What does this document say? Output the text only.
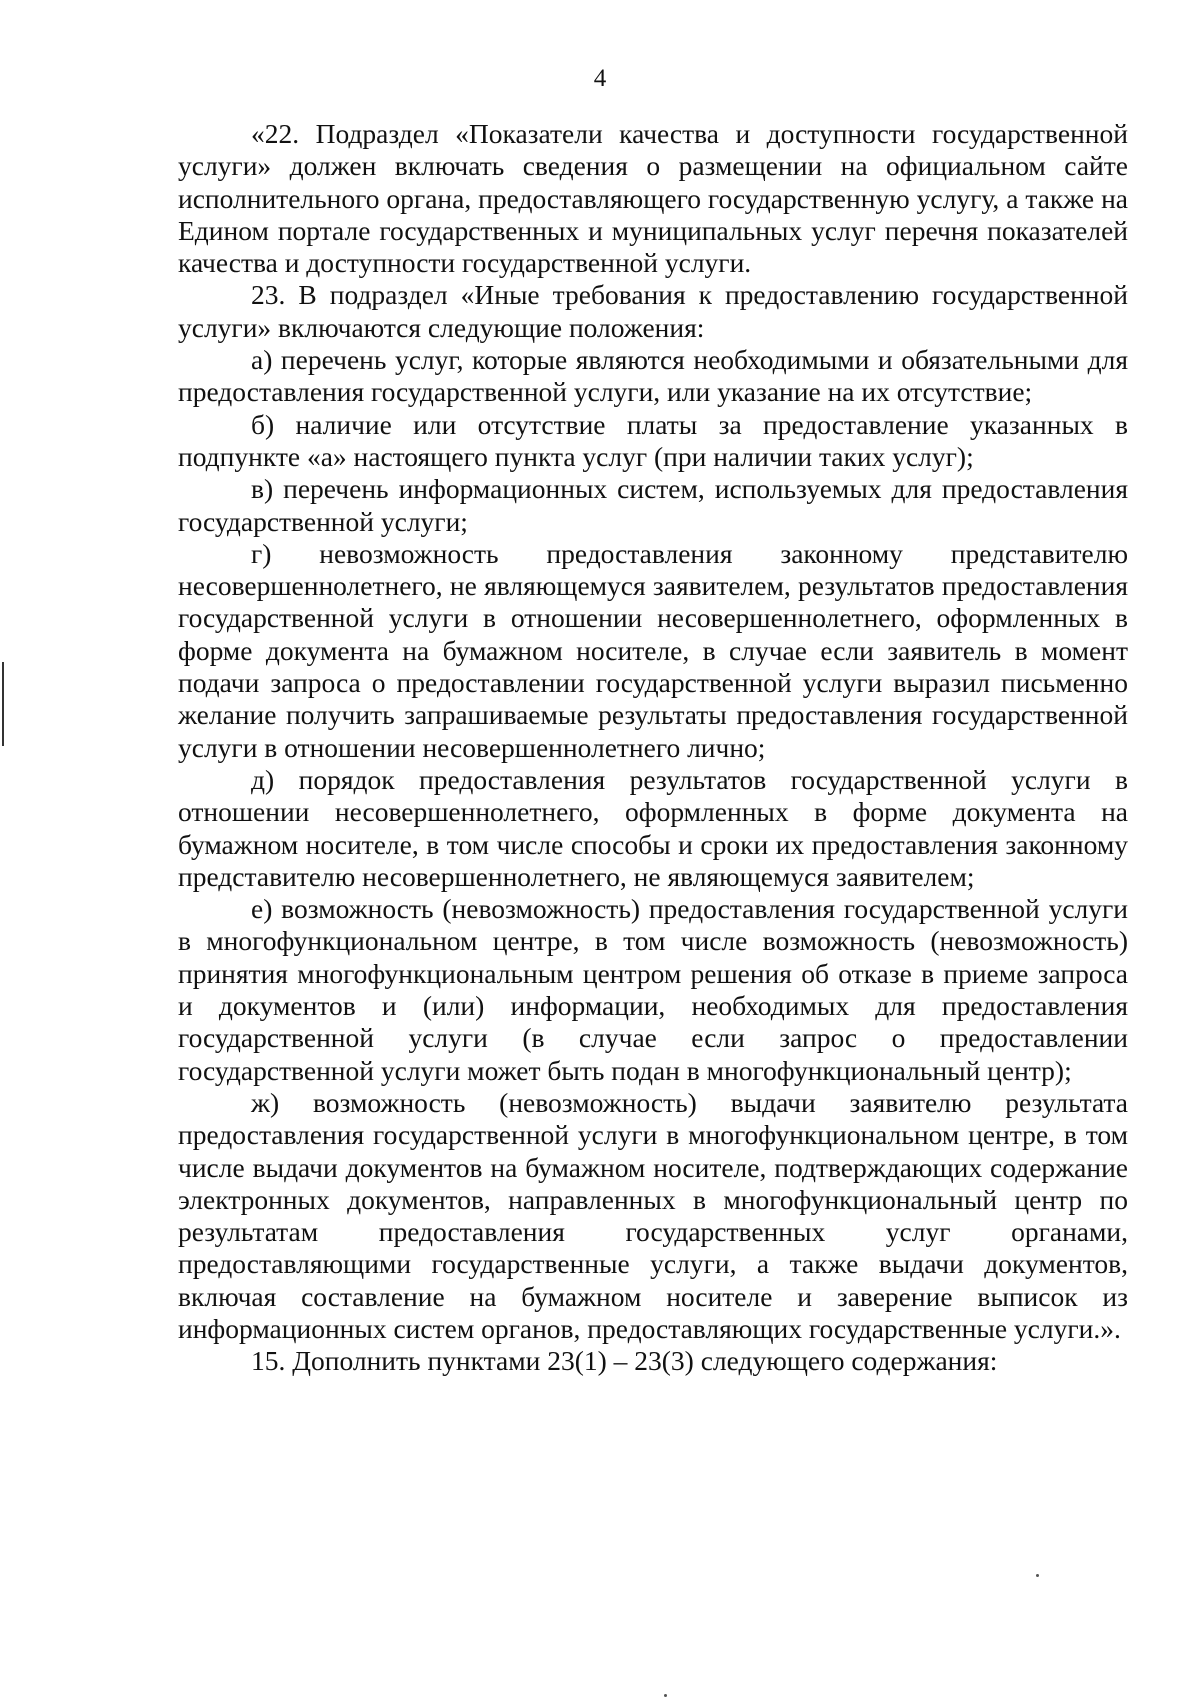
4

«22. Подраздел «Показатели качества и доступности государственной услуги» должен включать сведения о размещении на официальном сайте исполнительного органа, предоставляющего государственную услугу, а также на Едином портале государственных и муниципальных услуг перечня показателей качества и доступности государственной услуги.

23. В подраздел «Иные требования к предоставлению государственной услуги» включаются следующие положения:

а) перечень услуг, которые являются необходимыми и обязательными для предоставления государственной услуги, или указание на их отсутствие;

б) наличие или отсутствие платы за предоставление указанных в подпункте «а» настоящего пункта услуг (при наличии таких услуг);

в) перечень информационных систем, используемых для предоставления государственной услуги;

г) невозможность предоставления законному представителю несовершеннолетнего, не являющемуся заявителем, результатов предоставления государственной услуги в отношении несовершеннолетнего, оформленных в форме документа на бумажном носителе, в случае если заявитель в момент подачи запроса о предоставлении государственной услуги выразил письменно желание получить запрашиваемые результаты предоставления государственной услуги в отношении несовершеннолетнего лично;

д) порядок предоставления результатов государственной услуги в отношении несовершеннолетнего, оформленных в форме документа на бумажном носителе, в том числе способы и сроки их предоставления законному представителю несовершеннолетнего, не являющемуся заявителем;

е) возможность (невозможность) предоставления государственной услуги в многофункциональном центре, в том числе возможность (невозможность) принятия многофункциональным центром решения об отказе в приеме запроса и документов и (или) информации, необходимых для предоставления государственной услуги (в случае если запрос о предоставлении государственной услуги может быть подан в многофункциональный центр);

ж) возможность (невозможность) выдачи заявителю результата предоставления государственной услуги в многофункциональном центре, в том числе выдачи документов на бумажном носителе, подтверждающих содержание электронных документов, направленных в многофункциональный центр по результатам предоставления государственных услуг органами, предоставляющими государственные услуги, а также выдачи документов, включая составление на бумажном носителе и заверение выписок из информационных систем органов, предоставляющих государственные услуги.».

15. Дополнить пунктами 23(1) – 23(3) следующего содержания:
